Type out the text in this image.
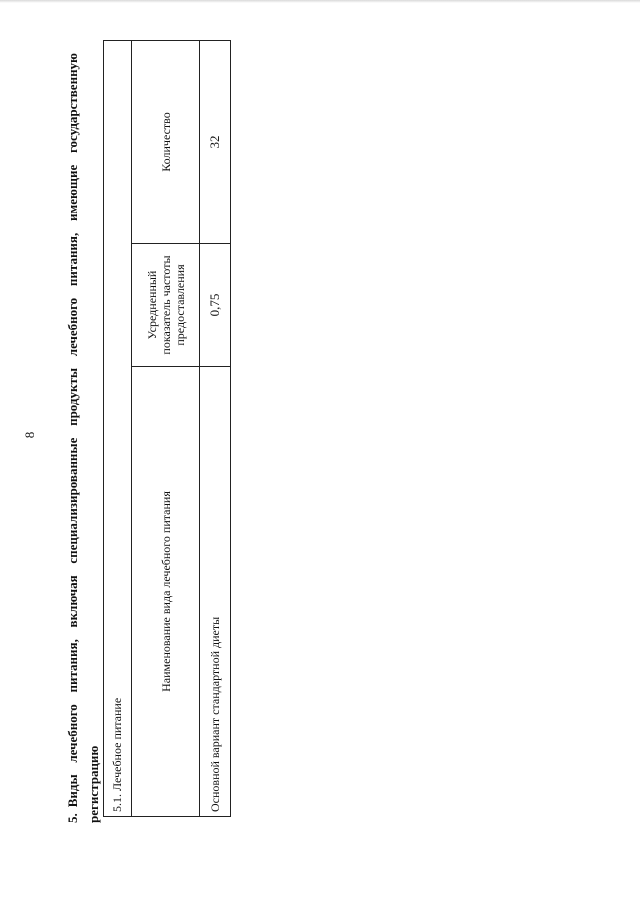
8
5.Виды лечебного питания, включая специализированные продукты лечебного питания, имеющие государственную регистрацию 5.1. Лечебное питание		
Наименование вида лечебного питания	Усредненный показатель частоты предоставления	Количество
Основной вариант стандартной диеты	0,75	32
